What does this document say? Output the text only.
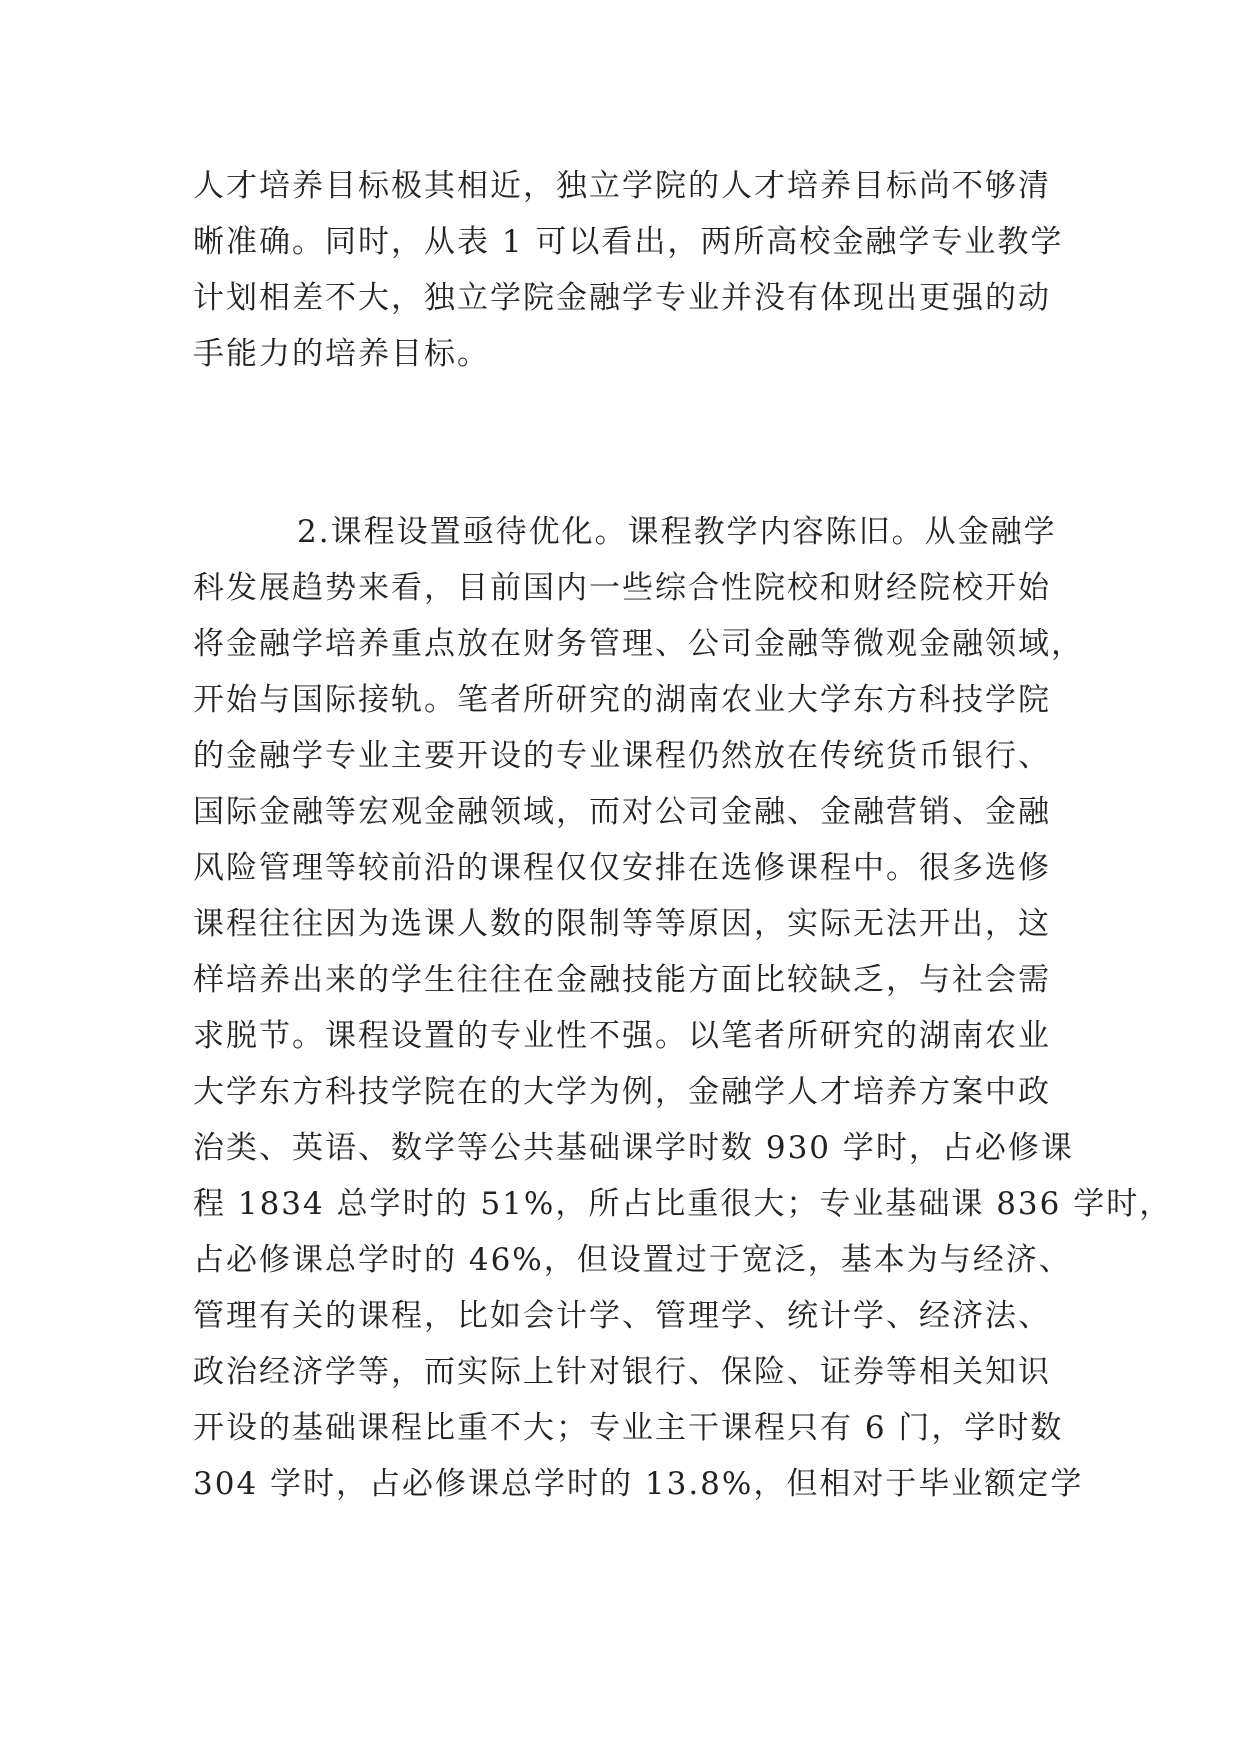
人才培养目标极其相近，独立学院的人才培养目标尚不够清
晰准确。同时，从表 1 可以看出，两所高校金融学专业教学
计划相差不大，独立学院金融学专业并没有体现出更强的动
手能力的培养目标。

2.课程设置亟待优化。课程教学内容陈旧。从金融学
科发展趋势来看，目前国内一些综合性院校和财经院校开始
将金融学培养重点放在财务管理、公司金融等微观金融领域，
开始与国际接轨。笔者所研究的湖南农业大学东方科技学院
的金融学专业主要开设的专业课程仍然放在传统货币银行、
国际金融等宏观金融领域，而对公司金融、金融营销、金融
风险管理等较前沿的课程仅仅安排在选修课程中。很多选修
课程往往因为选课人数的限制等等原因，实际无法开出，这
样培养出来的学生往往在金融技能方面比较缺乏，与社会需
求脱节。课程设置的专业性不强。以笔者所研究的湖南农业
大学东方科技学院在的大学为例，金融学人才培养方案中政
治类、英语、数学等公共基础课学时数 930 学时，占必修课
程 1834 总学时的 51%，所占比重很大；专业基础课 836 学时，
占必修课总学时的 46%，但设置过于宽泛，基本为与经济、
管理有关的课程，比如会计学、管理学、统计学、经济法、
政治经济学等，而实际上针对银行、保险、证券等相关知识
开设的基础课程比重不大；专业主干课程只有 6 门，学时数
304 学时，占必修课总学时的 13.8%，但相对于毕业额定学
